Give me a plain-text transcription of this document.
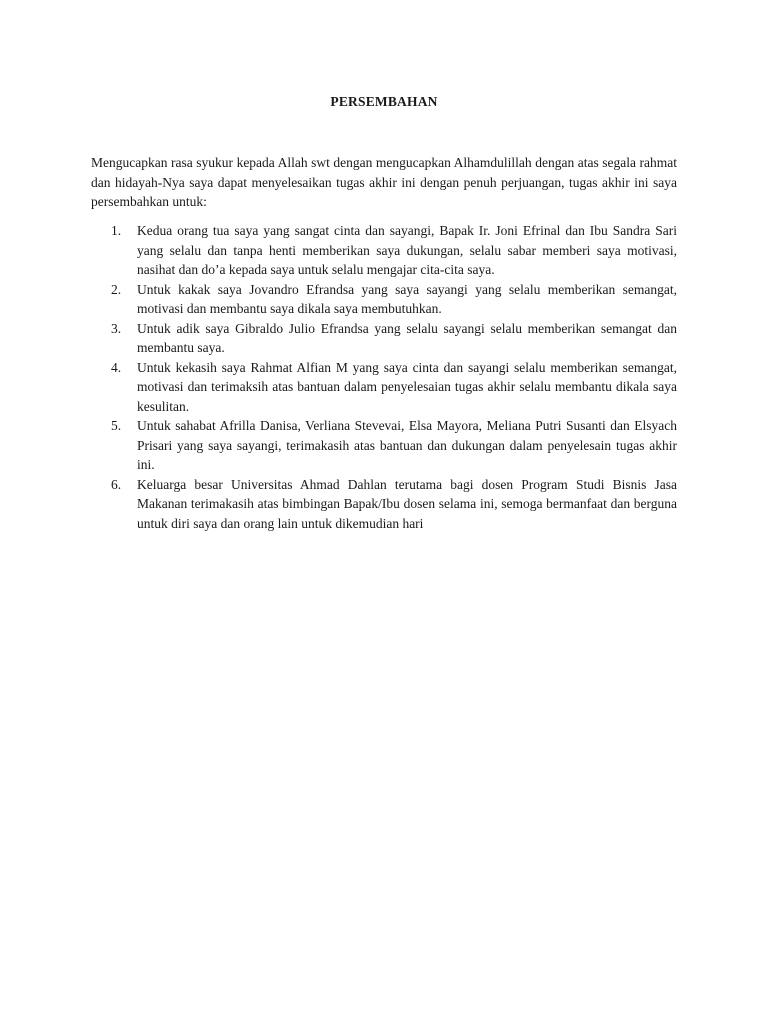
PERSEMBAHAN

Mengucapkan rasa syukur kepada Allah swt dengan mengucapkan Alhamdulillah dengan atas segala rahmat dan hidayah-Nya saya dapat menyelesaikan tugas akhir ini dengan penuh perjuangan, tugas akhir ini saya persembahkan untuk:

1.	Kedua orang tua saya yang sangat cinta dan sayangi, Bapak Ir. Joni Efrinal dan Ibu Sandra Sari yang selalu dan tanpa henti memberikan saya dukungan, selalu sabar memberi saya motivasi, nasihat dan do’a kepada saya untuk selalu mengajar cita-cita saya.
2.	Untuk kakak saya Jovandro Efrandsa yang saya sayangi yang selalu memberikan semangat, motivasi dan membantu saya dikala saya membutuhkan.
3.	Untuk adik saya Gibraldo Julio Efrandsa yang selalu sayangi selalu memberikan semangat dan membantu saya.
4.	Untuk kekasih saya Rahmat Alfian M yang saya cinta dan sayangi selalu memberikan semangat, motivasi dan terimaksih atas bantuan dalam penyelesaian tugas akhir selalu membantu dikala saya kesulitan.
5.	Untuk sahabat Afrilla Danisa, Verliana Stevevai, Elsa Mayora, Meliana Putri Susanti dan Elsyach Prisari yang saya sayangi, terimakasih atas bantuan dan dukungan dalam penyelesain tugas akhir ini.
6.	Keluarga besar Universitas Ahmad Dahlan terutama bagi dosen Program Studi Bisnis Jasa Makanan terimakasih atas bimbingan Bapak/Ibu dosen selama ini, semoga bermanfaat dan berguna untuk diri saya dan orang lain untuk dikemudian hari
